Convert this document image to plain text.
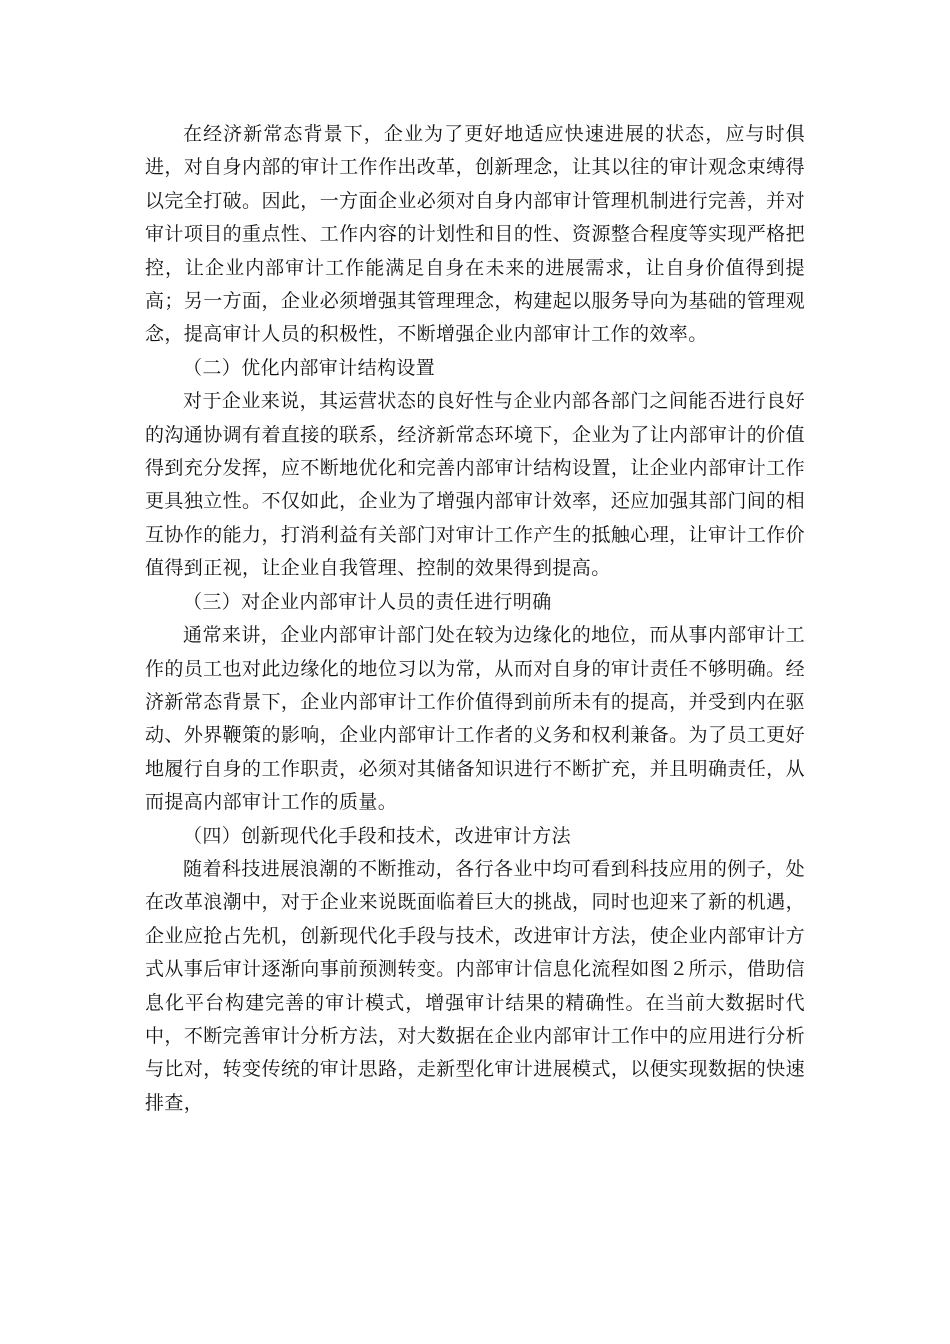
在经济新常态背景下，企业为了更好地适应快速进展的状态，应与时俱进，对自身内部的审计工作作出改革，创新理念，让其以往的审计观念束缚得以完全打破。因此，一方面企业必须对自身内部审计管理机制进行完善，并对审计项目的重点性、工作内容的计划性和目的性、资源整合程度等实现严格把控，让企业内部审计工作能满足自身在未来的进展需求，让自身价值得到提高；另一方面，企业必须增强其管理理念，构建起以服务导向为基础的管理观念，提高审计人员的积极性，不断增强企业内部审计工作的效率。

（二）优化内部审计结构设置

对于企业来说，其运营状态的良好性与企业内部各部门之间能否进行良好的沟通协调有着直接的联系，经济新常态环境下，企业为了让内部审计的价值得到充分发挥，应不断地优化和完善内部审计结构设置，让企业内部审计工作更具独立性。不仅如此，企业为了增强内部审计效率，还应加强其部门间的相互协作的能力，打消利益有关部门对审计工作产生的抵触心理，让审计工作价值得到正视，让企业自我管理、控制的效果得到提高。

（三）对企业内部审计人员的责任进行明确

通常来讲，企业内部审计部门处在较为边缘化的地位，而从事内部审计工作的员工也对此边缘化的地位习以为常，从而对自身的审计责任不够明确。经济新常态背景下，企业内部审计工作价值得到前所未有的提高，并受到内在驱动、外界鞭策的影响，企业内部审计工作者的义务和权利兼备。为了员工更好地履行自身的工作职责，必须对其储备知识进行不断扩充，并且明确责任，从而提高内部审计工作的质量。

（四）创新现代化手段和技术，改进审计方法

随着科技进展浪潮的不断推动，各行各业中均可看到科技应用的例子，处在改革浪潮中，对于企业来说既面临着巨大的挑战，同时也迎来了新的机遇，企业应抢占先机，创新现代化手段与技术，改进审计方法，使企业内部审计方式从事后审计逐渐向事前预测转变。内部审计信息化流程如图２所示，借助信息化平台构建完善的审计模式，增强审计结果的精确性。在当前大数据时代中，不断完善审计分析方法，对大数据在企业内部审计工作中的应用进行分析与比对，转变传统的审计思路，走新型化审计进展模式，以便实现数据的快速排查，
